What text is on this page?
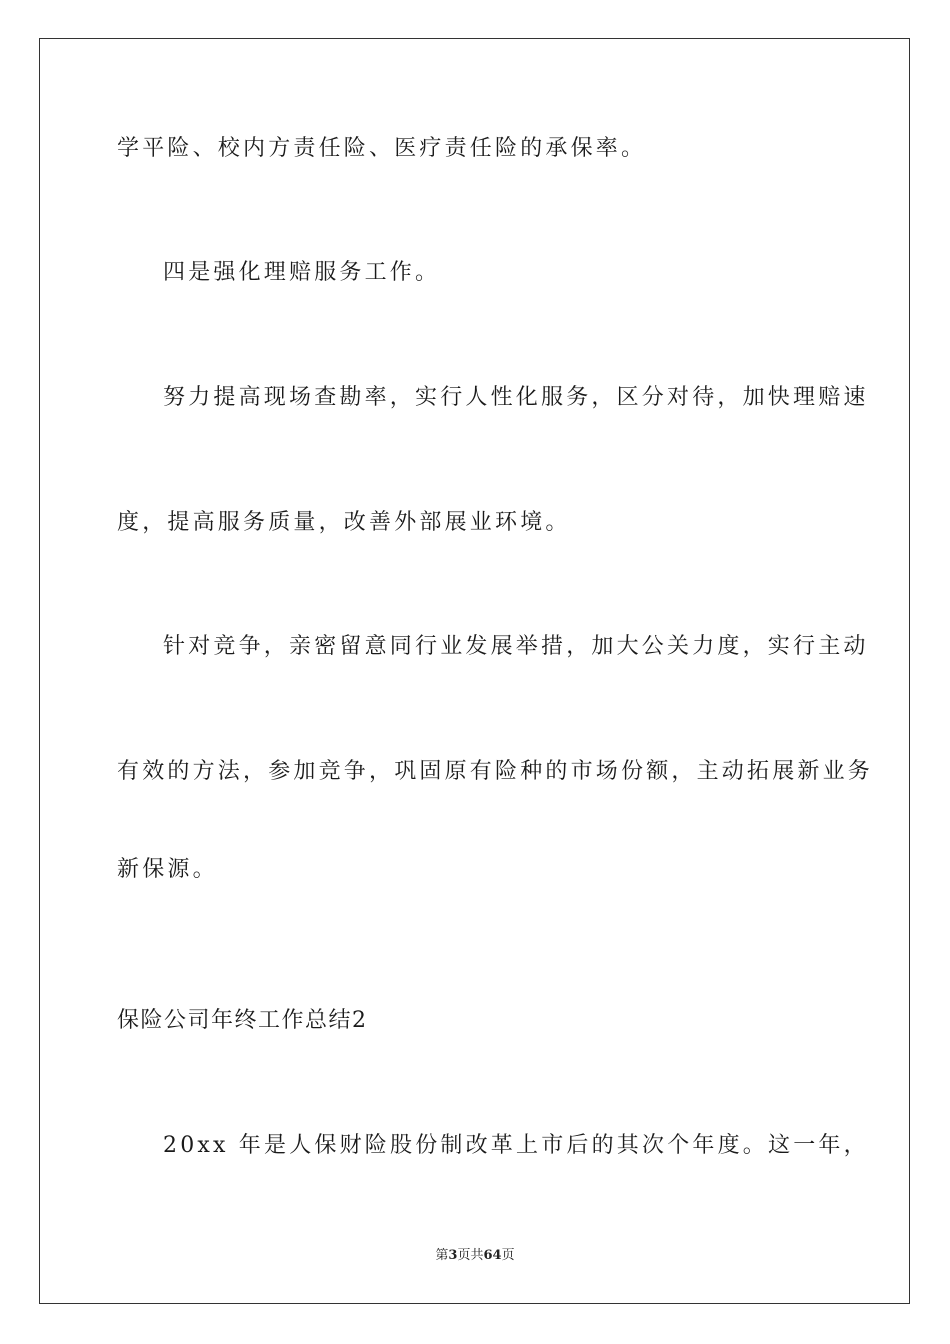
学平险、校内方责任险、医疗责任险的承保率。
四是强化理赔服务工作。
努力提高现场查勘率，实行人性化服务，区分对待，加快理赔速
度，提高服务质量，改善外部展业环境。
针对竞争，亲密留意同行业发展举措，加大公关力度，实行主动
有效的方法，参加竞争，巩固原有险种的市场份额，主动拓展新业务
新保源。
保险公司年终工作总结2
20xx 年是人保财险股份制改革上市后的其次个年度。这一年，
第3页共64页
